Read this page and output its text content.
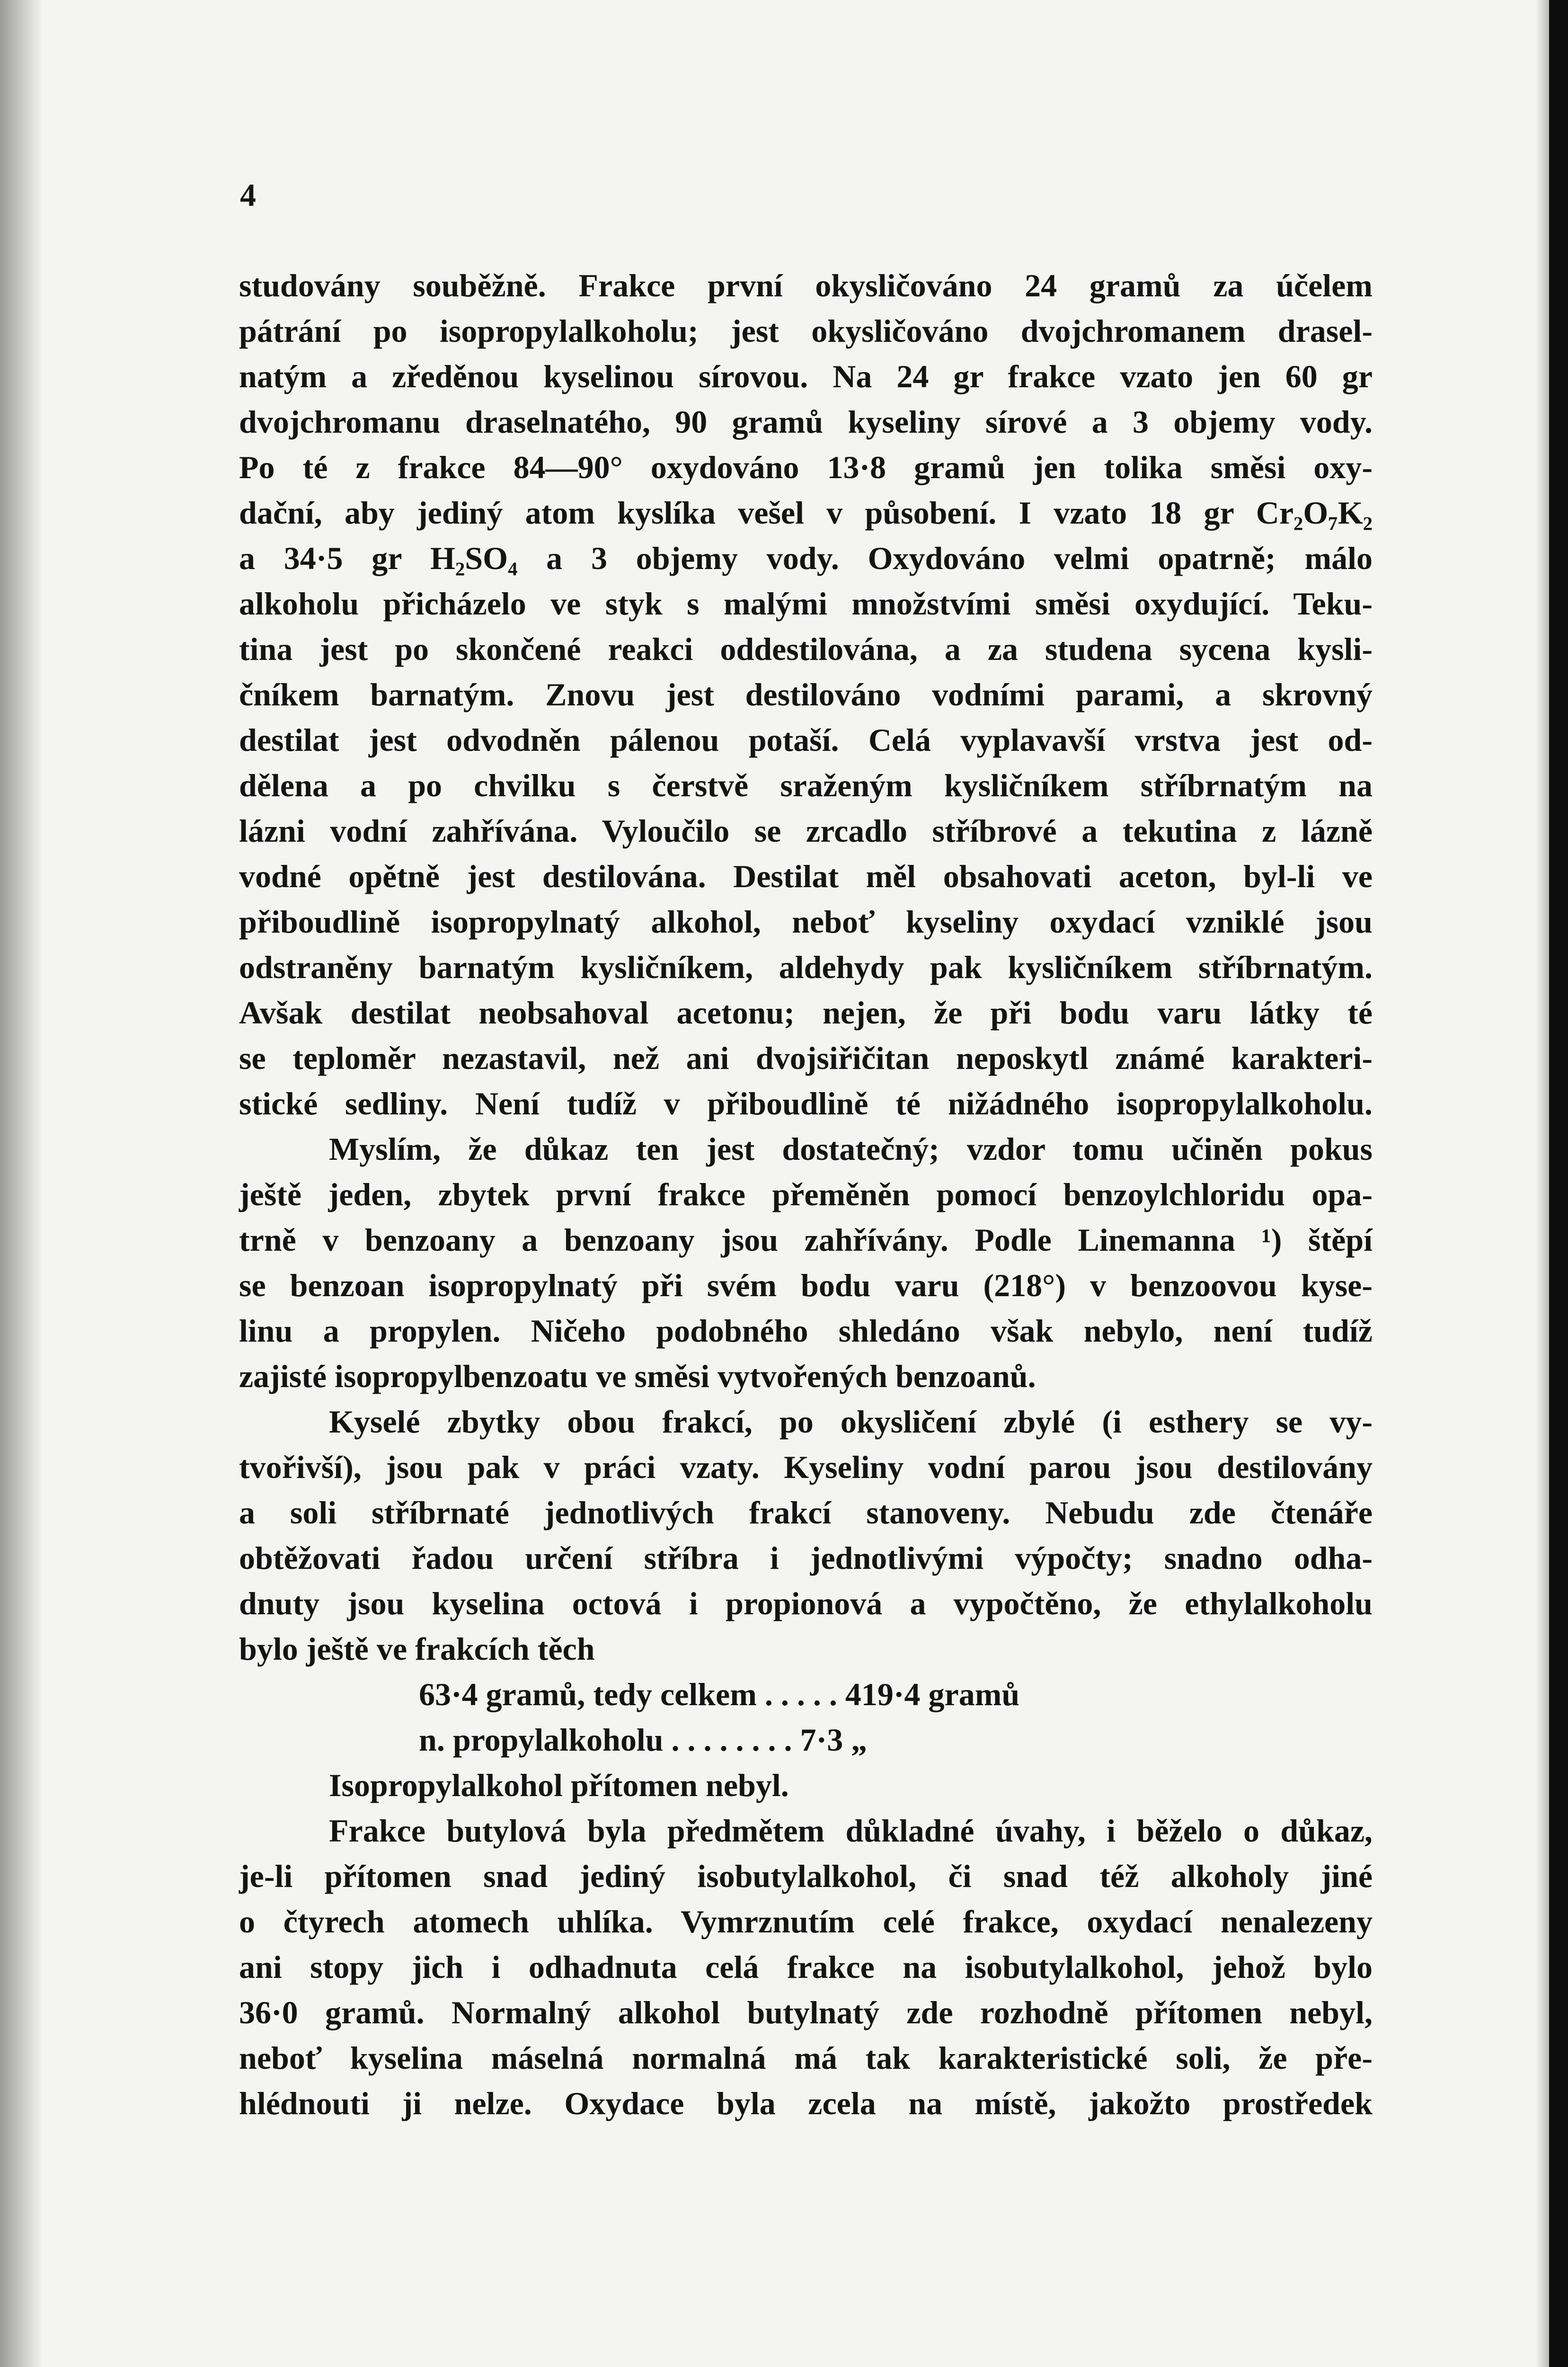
4
studovány souběžně. Frakce první okysličováno 24 gramů za účelem
pátrání po isopropylalkoholu; jest okysličováno dvojchromanem drasel-
natým a zředěnou kyselinou sírovou. Na 24 gr frakce vzato jen 60 gr
dvojchromanu draselnatého, 90 gramů kyseliny sírové a 3 objemy vody.
Po té z frakce 84—90° oxydováno 13·8 gramů jen tolika směsi oxy-
dační, aby jediný atom kyslíka vešel v působení. I vzato 18 gr Cr₂O₇K₂
a 34·5 gr H₂SO₄ a 3 objemy vody. Oxydováno velmi opatrně; málo
alkoholu přicházelo ve styk s malými množstvími směsi oxydující. Teku-
tina jest po skončené reakci oddestilována, a za studena sycena kysli-
čníkem barnatým. Znovu jest destilováno vodními parami, a skrovný
destilat jest odvodněn pálenou potaší. Celá vyplavavší vrstva jest od-
dělena a po chvilku s čerstvě sraženým kysličníkem stříbrnatým na
lázni vodní zahřívána. Vyloučilo se zrcadlo stříbrové a tekutina z lázně
vodné opětně jest destilována. Destilat měl obsahovati aceton, byl-li ve
přiboudlině isopropylnatý alkohol, neboť kyseliny oxydací vzniklé jsou
odstraněny barnatým kysličníkem, aldehydy pak kysličníkem stříbrnatým.
Avšak destilat neobsahoval acetonu; nejen, že při bodu varu látky té
se teploměr nezastavil, než ani dvojsiřičitan neposkytl známé karakteri-
stické sedliny. Není tudíž v přiboudlině té nižádného isopropylalkoholu.
Myslím, že důkaz ten jest dostatečný; vzdor tomu učiněn pokus
ještě jeden, zbytek první frakce přeměněn pomocí benzoylchloridu opa-
trně v benzoany a benzoany jsou zahřívány. Podle Linemanna ¹) štěpí
se benzoan isopropylnatý při svém bodu varu (218°) v benzoovou kyse-
linu a propylen. Ničeho podobného shledáno však nebylo, není tudíž
zajisté isopropylbenzoatu ve směsi vytvořených benzoanů.
Kyselé zbytky obou frakcí, po okysličení zbylé (i esthery se vy-
tvořivší), jsou pak v práci vzaty. Kyseliny vodní parou jsou destilovány
a soli stříbrnaté jednotlivých frakcí stanoveny. Nebudu zde čtenáře
obtěžovati řadou určení stříbra i jednotlivými výpočty; snadno odha-
dnuty jsou kyselina octová i propionová a vypočtěno, že ethylalkoholu
bylo ještě ve frakcích těch
63·4 gramů, tedy celkem . . . . . 419·4 gramů
n. propylalkoholu . . . . . . . . 7·3 „
Isopropylalkohol přítomen nebyl.
Frakce butylová byla předmětem důkladné úvahy, i běželo o důkaz,
je-li přítomen snad jediný isobutylalkohol, či snad též alkoholy jiné
o čtyrech atomech uhlíka. Vymrznutím celé frakce, oxydací nenalezeny
ani stopy jich i odhadnuta celá frakce na isobutylalkohol, jehož bylo
36·0 gramů. Normalný alkohol butylnatý zde rozhodně přítomen nebyl,
neboť kyselina máselná normalná má tak karakteristické soli, že pře-
hlédnouti ji nelze. Oxydace byla zcela na místě, jakožto prostředek
